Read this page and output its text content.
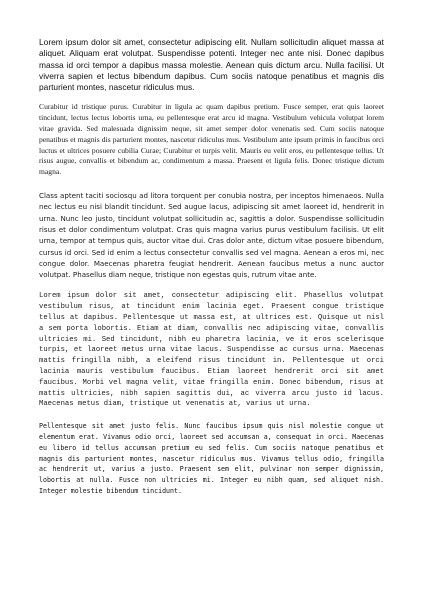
Lorem ipsum dolor sit amet, consectetur adipiscing elit. Nullam sollicitudin aliquet massa at aliquet. Aliquam erat volutpat. Suspendisse potenti. Integer nec ante nisi. Donec dapibus massa id orci tempor a dapibus massa molestie. Aenean quis dictum arcu. Nulla facilisi. Ut viverra sapien et lectus bibendum dapibus. Cum sociis natoque penatibus et magnis dis parturient montes, nascetur ridiculus mus.

Curabitur id tristique purus. Curabitur in ligula ac quam dapibus pretium. Fusce semper, erat quis laoreet tincidunt, lectus lectus lobortis urna, eu pellentesque erat arcu id magna. Vestibulum vehicula volutpat lorem vitae gravida. Sed malesuada dignissim neque, sit amet semper dolor venenatis sed. Cum sociis natoque penatibus et magnis dis parturient montes, nascetur ridiculus mus. Vestibulum ante ipsum primis in faucibus orci luctus et ultrices posuere cubilia Curae; Curabitur et turpis velit. Mauris eu velit eros, eu pellentesque tellus. Ut risus augue, convallis et bibendum ac, condimentum a massa. Praesent et ligula felis. Donec tristique dictum magna.

Class aptent taciti sociosqu ad litora torquent per conubia nostra, per inceptos himenaeos. Nulla nec lectus eu nisi blandit tincidunt. Sed augue lacus, adipiscing sit amet laoreet id, hendrerit in urna. Nunc leo justo, tincidunt volutpat sollicitudin ac, sagittis a dolor. Suspendisse sollicitudin risus et dolor condimentum volutpat. Cras quis magna varius purus vestibulum facilisis. Ut elit urna, tempor at tempus quis, auctor vitae dui. Cras dolor ante, dictum vitae posuere bibendum, cursus id orci. Sed id enim a lectus consectetur convallis sed vel magna. Aenean a eros mi, nec congue dolor. Maecenas pharetra feugiat hendrerit. Aenean faucibus metus a nunc auctor volutpat. Phasellus diam neque, tristique non egestas quis, rutrum vitae ante.

Lorem ipsum dolor sit amet, consectetur adipiscing elit. Phasellus volutpat vestibulum risus, at tincidunt enim lacinia eget. Praesent congue tristique tellus at dapibus. Pellentesque ut massa est, at ultrices est. Quisque ut nisl a sem porta lobortis. Etiam at diam, convallis nec adipiscing vitae, convallis ultricies mi. Sed tincidunt, nibh eu pharetra lacinia, ve it eros scelerisque turpis, et laoreet metus urna vitae lacus. Suspendisse ac cursus urna. Maecenas mattis fringilla nibh, a eleifend risus tincidunt in. Pellentesque ut orci lacinia mauris vestibulum faucibus. Etiam laoreet hendrerit orci sit amet faucibus. Morbi vel magna velit, vitae fringilla enim. Donec bibendum, risus at mattis ultricies, nibh sapien sagittis dui, ac viverra arcu justo id lacus. Maecenas metus diam, tristique ut venenatis at, varius ut urna.

Pellentesque sit amet justo felis. Nunc faucibus ipsum quis nisl molestie congue ut elementum erat. Vivamus odio orci, laoreet sed accumsan a, consequat in orci. Maecenas eu libero id tellus accumsan pretium eu sed felis. Cum sociis natoque penatibus et magnis dis parturient montes, nascetur ridiculus mus. Vivamus tellus odio, fringilla ac hendrerit ut, varius a justo. Praesent sem elit, pulvinar non semper dignissim, lobortis at nulla. Fusce non ultricies mi. Integer eu nibh quam, sed aliquet nish. Integer molestie bibendum tincidunt.
